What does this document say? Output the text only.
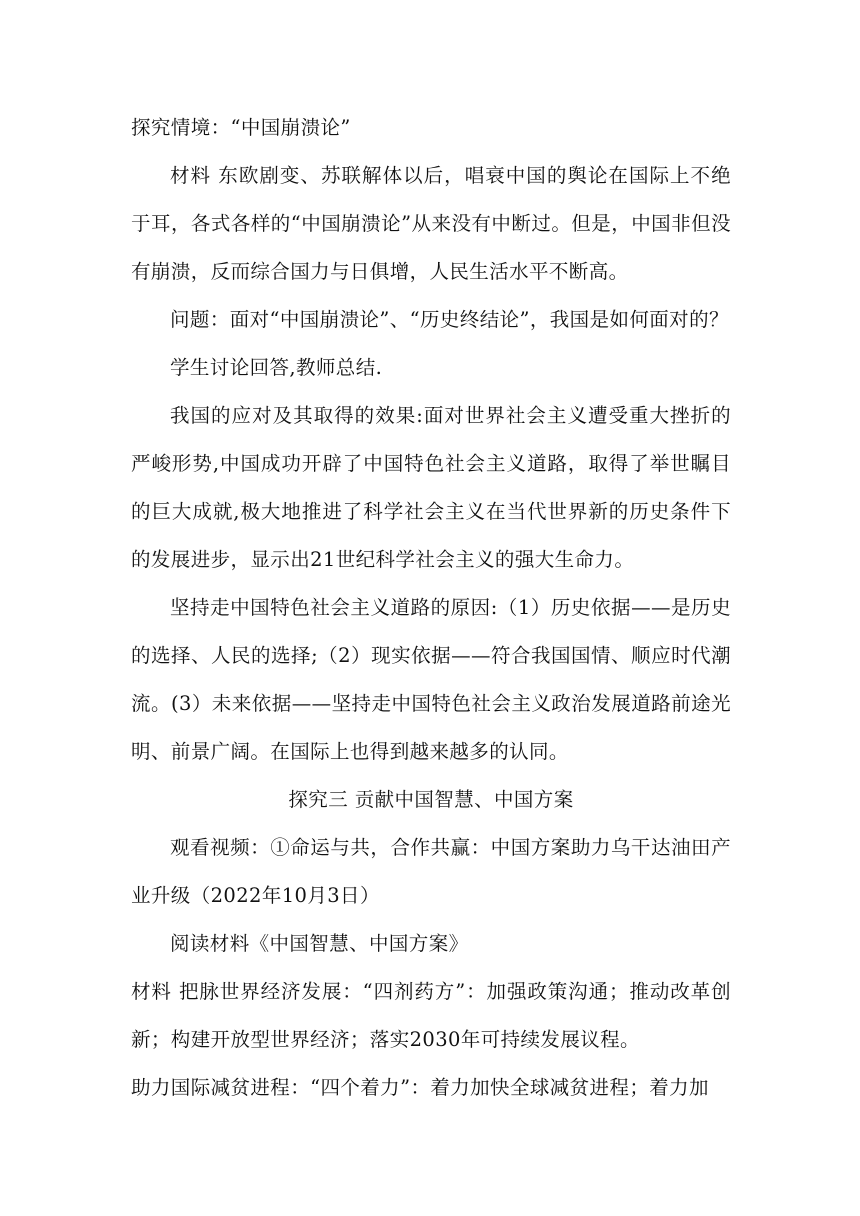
探究情境：“中国崩溃论”

材料 东欧剧变、苏联解体以后，唱衰中国的舆论在国际上不绝于耳，各式各样的“中国崩溃论”从来没有中断过。但是，中国非但没有崩溃，反而综合国力与日俱增，人民生活水平不断高。

问题：面对“中国崩溃论”、“历史终结论”，我国是如何面对的？

学生讨论回答,教师总结.

我国的应对及其取得的效果:面对世界社会主义遭受重大挫折的严峻形势,中国成功开辟了中国特色社会主义道路，取得了举世瞩目的巨大成就,极大地推进了科学社会主义在当代世界新的历史条件下的发展进步，显示出21世纪科学社会主义的强大生命力。

坚持走中国特色社会主义道路的原因:（1）历史依据——是历史的选择、人民的选择;（2）现实依据——符合我国国情、顺应时代潮流。(3）未来依据——坚持走中国特色社会主义政治发展道路前途光明、前景广阔。在国际上也得到越来越多的认同。

探究三 贡献中国智慧、中国方案

观看视频：①命运与共，合作共赢：中国方案助力乌干达油田产业升级（2022年10月3日）

阅读材料《中国智慧、中国方案》

材料 把脉世界经济发展：“四剂药方”：加强政策沟通；推动改革创新；构建开放型世界经济；落实2030年可持续发展议程。

助力国际减贫进程：“四个着力”：着力加快全球减贫进程；着力加
